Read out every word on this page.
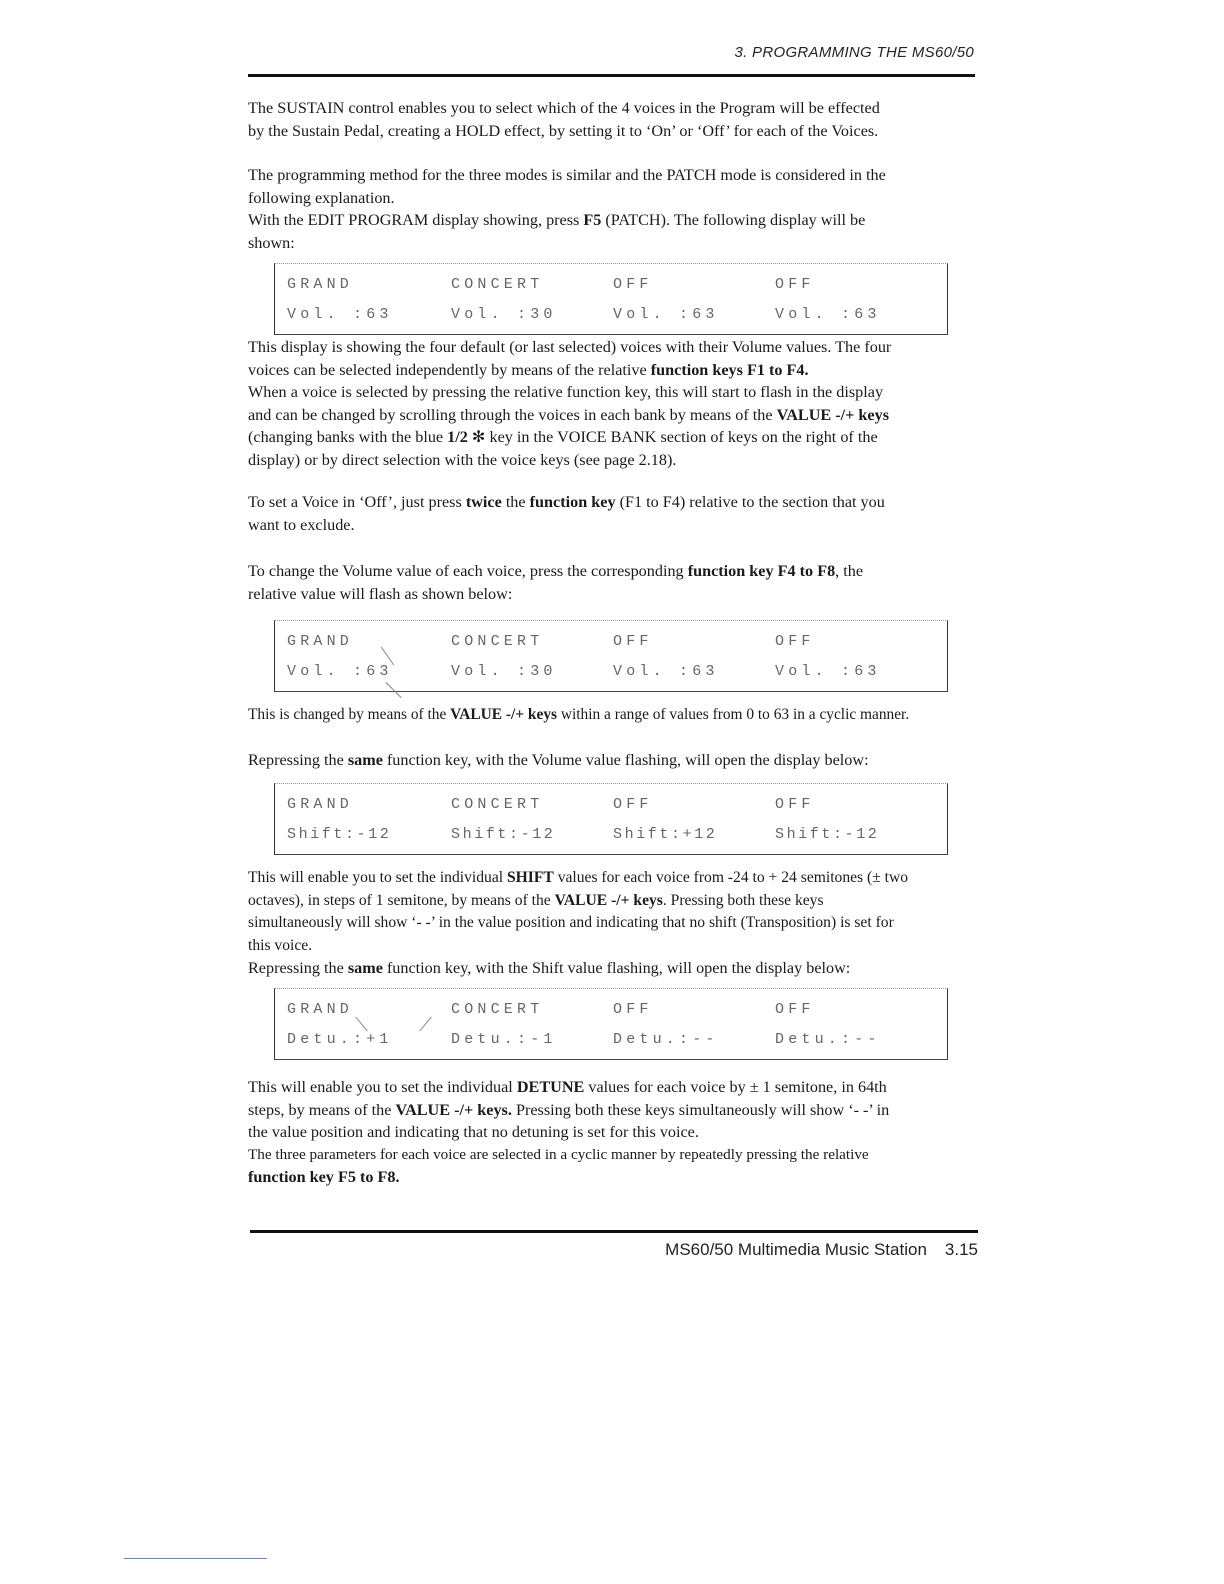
3. PROGRAMMING THE MS60/50

The SUSTAIN control enables you to select which of the 4 voices in the Program will be effected
by the Sustain Pedal, creating a HOLD effect, by setting it to ‘On’ or ‘Off’ for each of the Voices.

The programming method for the three modes is similar and the PATCH mode is considered in the
following explanation.
With the EDIT PROGRAM display showing, press F5 (PATCH). The following display will be
shown:

GRAND	CONCERT	OFF	OFF
Vol. :63	Vol. :30	Vol. :63	Vol. :63

This display is showing the four default (or last selected) voices with their Volume values. The four
voices can be selected independently by means of the relative function keys F1 to F4.
When a voice is selected by pressing the relative function key, this will start to flash in the display
and can be changed by scrolling through the voices in each bank by means of the VALUE -/+ keys
(changing banks with the blue 1/2 ✻ key in the VOICE BANK section of keys on the right of the
display) or by direct selection with the voice keys (see page 2.18).

To set a Voice in ‘Off’, just press twice the function key (F1 to F4) relative to the section that you
want to exclude.

To change the Volume value of each voice, press the corresponding function key F4 to F8, the
relative value will flash as shown below:

GRAND	CONCERT	OFF	OFF
Vol. :63	Vol. :30	Vol. :63	Vol. :63

This is changed by means of the VALUE -/+ keys within a range of values from 0 to 63 in a cyclic manner.

Repressing the same function key, with the Volume value flashing, will open the display below:

GRAND	CONCERT	OFF	OFF
Shift:-12	Shift:-12	Shift:+12	Shift:-12

This will enable you to set the individual SHIFT values for each voice from -24 to + 24 semitones (± two
octaves), in steps of 1 semitone, by means of the VALUE -/+ keys. Pressing both these keys
simultaneously will show ‘- -’ in the value position and indicating that no shift (Transposition) is set for
this voice.
Repressing the same function key, with the Shift value flashing, will open the display below:

GRAND	CONCERT	OFF	OFF
Detu.:+1	Detu.:-1	Detu.:--	Detu.:--

This will enable you to set the individual DETUNE values for each voice by ± 1 semitone, in 64th
steps, by means of the VALUE -/+ keys. Pressing both these keys simultaneously will show ‘- -’ in
the value position and indicating that no detuning is set for this voice.
The three parameters for each voice are selected in a cyclic manner by repeatedly pressing the relative
function key F5 to F8.

MS60/50 Multimedia Music Station 3.15
